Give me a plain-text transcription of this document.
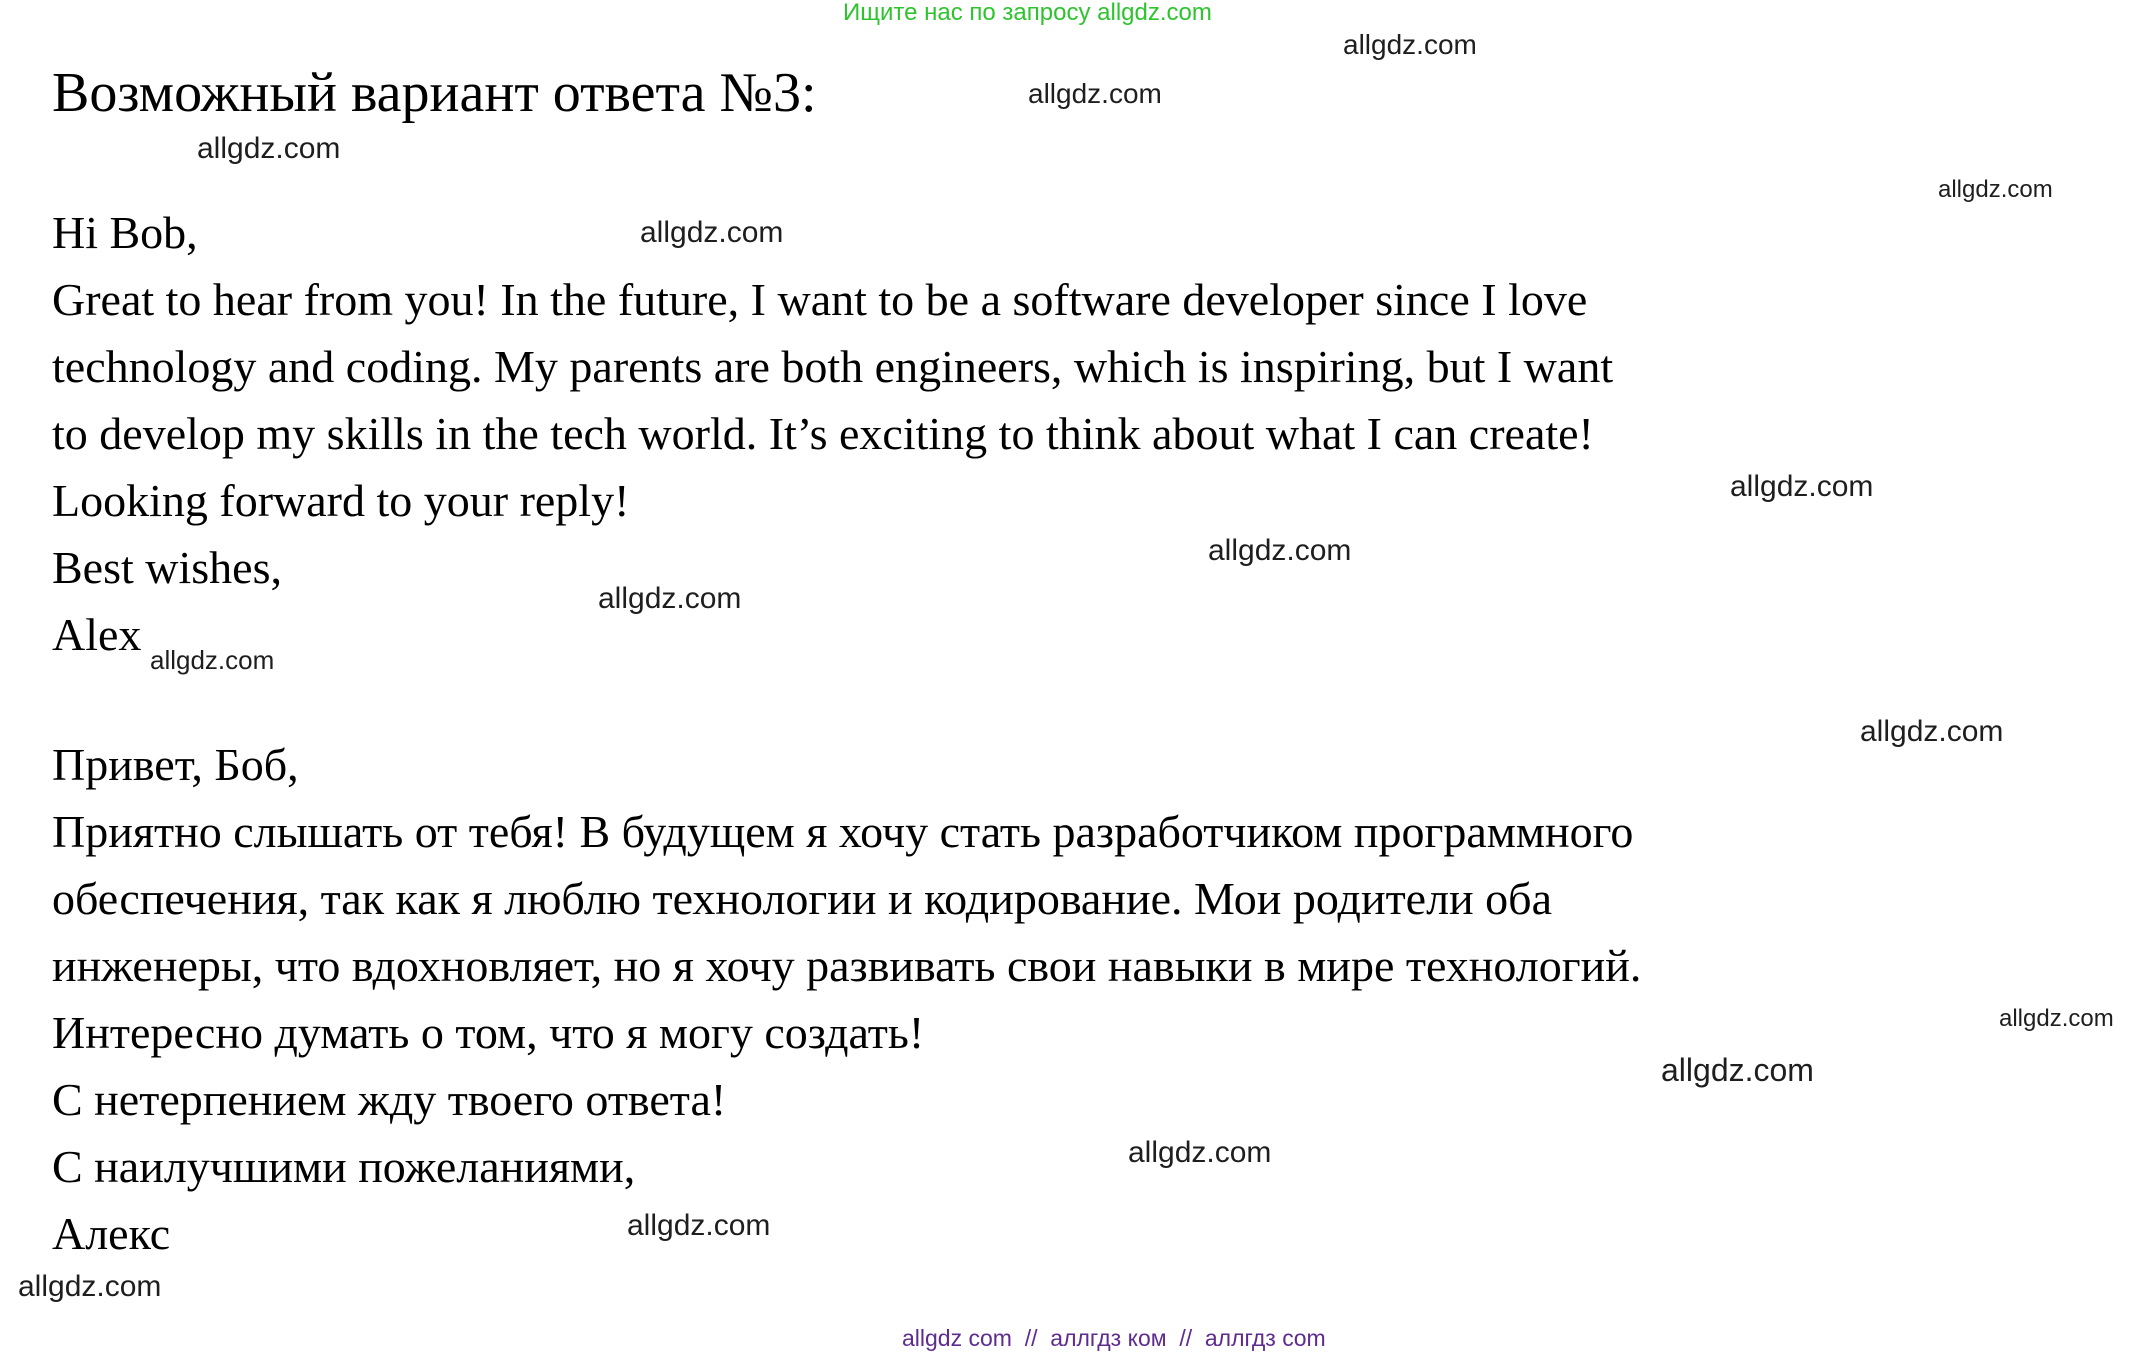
Ищите нас по запросу allgdz.com
allgdz.com
allgdz.com
allgdz.com
allgdz.com
allgdz.com
allgdz.com
allgdz.com
allgdz.com
allgdz.com
allgdz.com
allgdz.com
allgdz.com
allgdz.com
allgdz.com
allgdz.com
Возможный вариант ответа №3:
Hi Bob,
Great to hear from you! In the future, I want to be a software developer since I love
technology and coding. My parents are both engineers, which is inspiring, but I want
to develop my skills in the tech world. It’s exciting to think about what I can create!
Looking forward to your reply!
Best wishes,
Alex
Привет, Боб,
Приятно слышать от тебя! В будущем я хочу стать разработчиком программного
обеспечения, так как я люблю технологии и кодирование. Мои родители оба
инженеры, что вдохновляет, но я хочу развивать свои навыки в мире технологий.
Интересно думать о том, что я могу создать!
С нетерпением жду твоего ответа!
С наилучшими пожеланиями,
Алекс
allgdz com  //  аллгдз ком  //  аллгдз com
